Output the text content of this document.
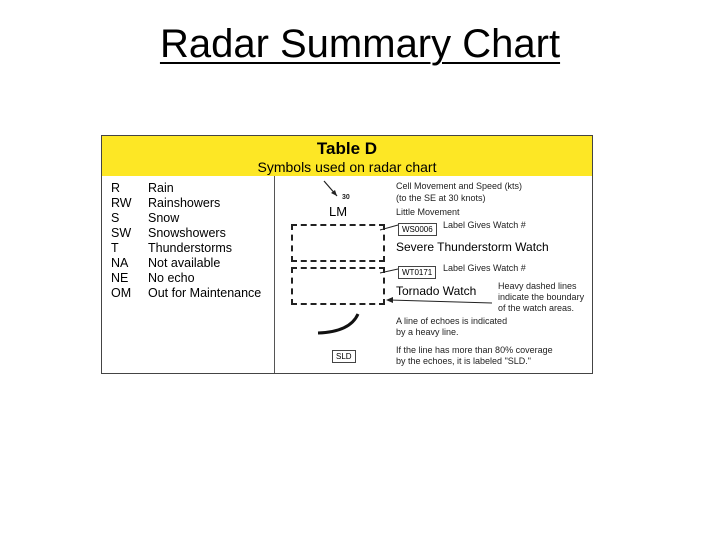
Radar Summary Chart
Table D
Symbols used on radar chart
R	Rain
RW	Rainshowers
S	Snow
SW	Snowshowers
T	Thunderstorms
NA	Not available
NE	No echo
OM	Out for Maintenance
30
Cell Movement and Speed (kts)
(to the SE at 30 knots)
LM	Little Movement
WS0006	Label Gives Watch #
Severe Thunderstorm Watch
WT0171	Label Gives Watch #
Tornado Watch Heavy dashed lines
indicate the boundary
of the watch areas.
A line of echoes is indicated
by a heavy line.
SLD
If the line has more than 80% coverage
by the echoes, it is labeled "SLD."
